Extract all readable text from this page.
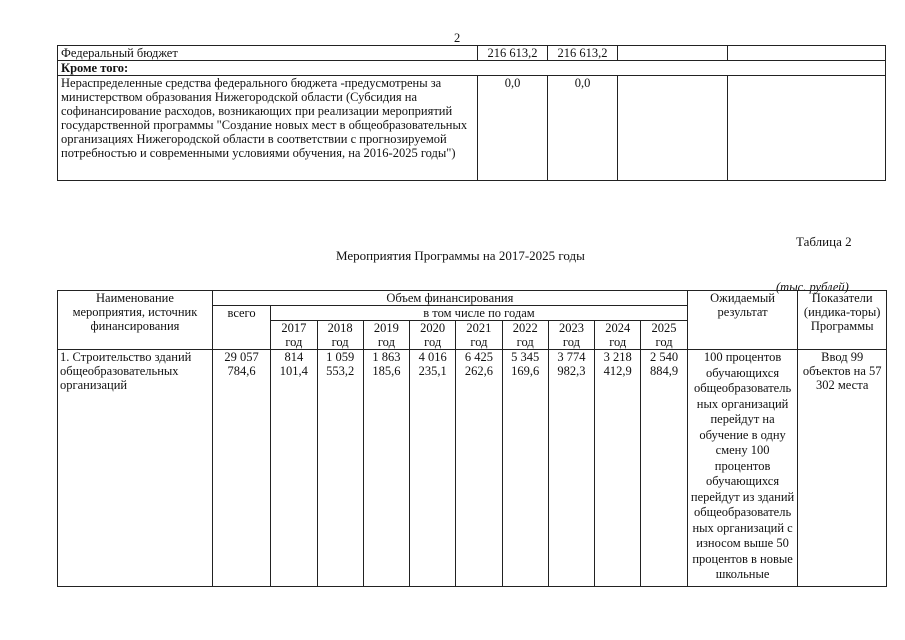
2
Федеральный бюджет	216 613,2	216 613,2		
Кроме того:				
Нераспределенные средства федерального бюджета -предусмотрены за министерством образования Нижегородской области (Субсидия на софинансирование расходов, возникающих при реализации мероприятий государственной программы "Создание новых мест в общеобразовательных организациях Нижегородской области в соответствии с прогнозируемой потребностью и современными условиями обучения, на 2016-2025 годы")	0,0	0,0		
Таблица 2
Мероприятия Программы на 2017-2025 годы
(тыс. рублей)
Наименование мероприятия, источник финансирования	Объем финансирования										Ожидаемый результат	Показатели (индика-торы) Программы
	всего	в том числе по годам										
		2017 год	2018 год	2019 год	2020 год	2021 год	2022 год	2023 год	2024 год	2025 год		
1. Строительство зданий общеобразовательных организаций	29 057 784,6	814 101,4	1 059 553,2	1 863 185,6	4 016 235,1	6 425 262,6	5 345 169,6	3 774 982,3	3 218 412,9	2 540 884,9	100 процентов обучающихся общеобразователь ных организаций перейдут на обучение в одну смену 100 процентов обучающихся перейдут из зданий общеобразователь ных организаций с износом выше 50 процентов в новые школьные	Ввод 99 объектов на 57 302 места
